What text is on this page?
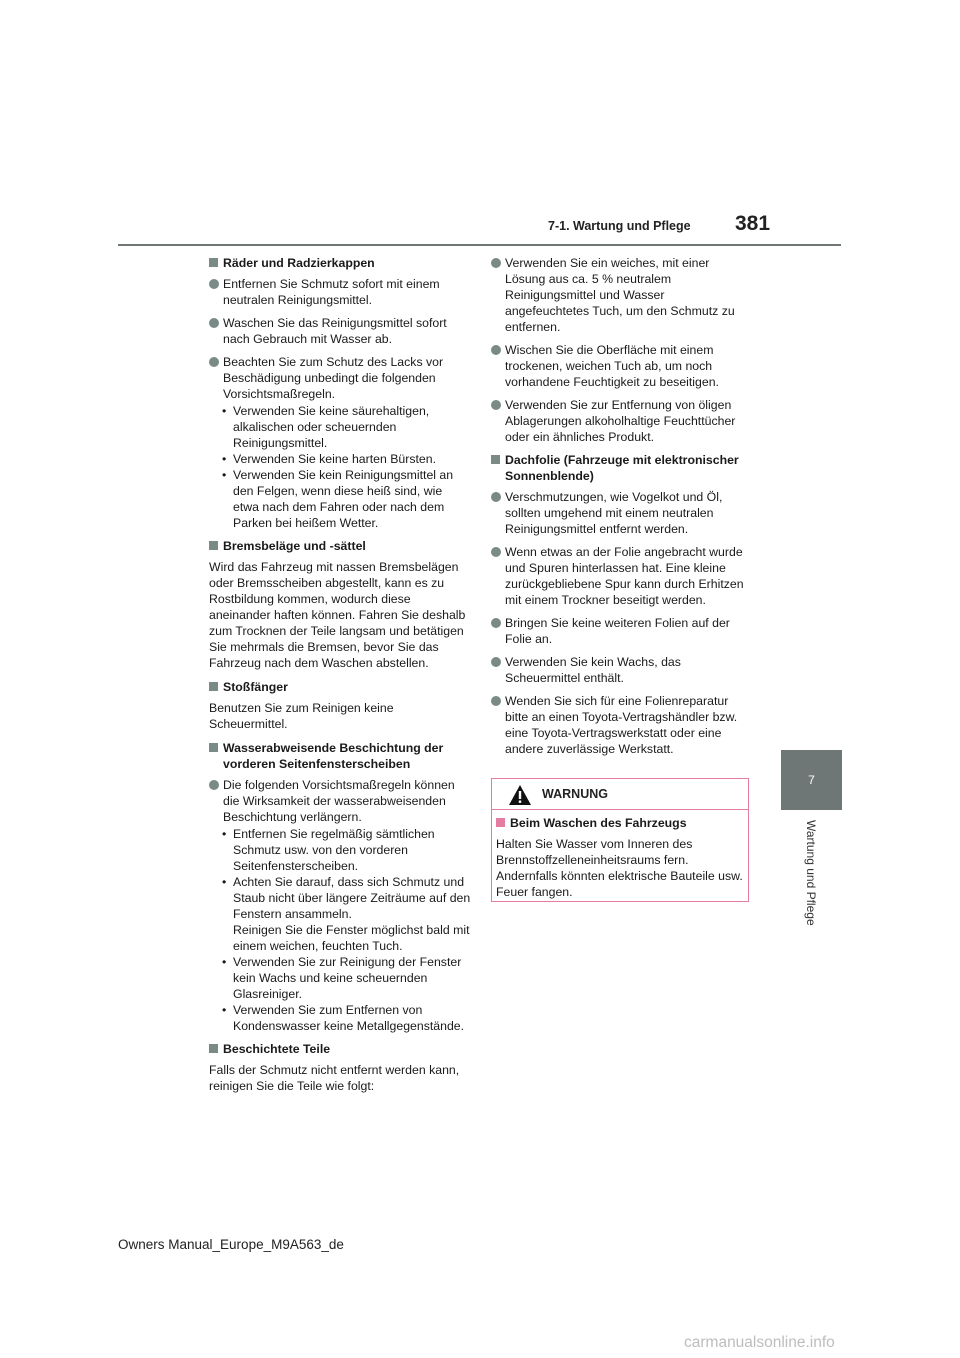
7-1. Wartung und Pflege 381
7
Wartung und Pflege
Räder und Radzierkappen
Entfernen Sie Schmutz sofort mit einem neutralen Reinigungsmittel.
Waschen Sie das Reinigungsmittel sofort nach Gebrauch mit Wasser ab.
Beachten Sie zum Schutz des Lacks vor Beschädigung unbedingt die folgenden Vorsichtsmaßregeln.
• Verwenden Sie keine säurehaltigen, alkalischen oder scheuernden Reinigungsmittel.
• Verwenden Sie keine harten Bürsten.
• Verwenden Sie kein Reinigungsmittel an den Felgen, wenn diese heiß sind, wie etwa nach dem Fahren oder nach dem Parken bei heißem Wetter.
Bremsbeläge und -sättel
Wird das Fahrzeug mit nassen Bremsbelägen oder Bremsscheiben abgestellt, kann es zu Rostbildung kommen, wodurch diese aneinander haften können. Fahren Sie deshalb zum Trocknen der Teile langsam und betätigen Sie mehrmals die Bremsen, bevor Sie das Fahrzeug nach dem Waschen abstellen.
Stoßfänger
Benutzen Sie zum Reinigen keine Scheuermittel.
Wasserabweisende Beschichtung der vorderen Seitenfensterscheiben
Die folgenden Vorsichtsmaßregeln können die Wirksamkeit der wasserabweisenden Beschichtung verlängern.
• Entfernen Sie regelmäßig sämtlichen Schmutz usw. von den vorderen Seitenfensterscheiben.
• Achten Sie darauf, dass sich Schmutz und Staub nicht über längere Zeiträume auf den Fenstern ansammeln.
Reinigen Sie die Fenster möglichst bald mit einem weichen, feuchten Tuch.
• Verwenden Sie zur Reinigung der Fenster kein Wachs und keine scheuernden Glasreiniger.
• Verwenden Sie zum Entfernen von Kondenswasser keine Metallgegenstände.
Beschichtete Teile
Falls der Schmutz nicht entfernt werden kann, reinigen Sie die Teile wie folgt:
Verwenden Sie ein weiches, mit einer Lösung aus ca. 5 % neutralem Reinigungsmittel und Wasser angefeuchtetes Tuch, um den Schmutz zu entfernen.
Wischen Sie die Oberfläche mit einem trockenen, weichen Tuch ab, um noch vorhandene Feuchtigkeit zu beseitigen.
Verwenden Sie zur Entfernung von öligen Ablagerungen alkoholhaltige Feuchttücher oder ein ähnliches Produkt.
Dachfolie (Fahrzeuge mit elektronischer Sonnenblende)
Verschmutzungen, wie Vogelkot und Öl, sollten umgehend mit einem neutralen Reinigungsmittel entfernt werden.
Wenn etwas an der Folie angebracht wurde und Spuren hinterlassen hat. Eine kleine zurückgebliebene Spur kann durch Erhitzen mit einem Trockner beseitigt werden.
Bringen Sie keine weiteren Folien auf der Folie an.
Verwenden Sie kein Wachs, das Scheuermittel enthält.
Wenden Sie sich für eine Folienreparatur bitte an einen Toyota-Vertragshändler bzw. eine Toyota-Vertragswerkstatt oder eine andere zuverlässige Werkstatt.
WARNUNG
Beim Waschen des Fahrzeugs
Halten Sie Wasser vom Inneren des Brennstoffzelleneinheitsraums fern. Andernfalls könnten elektrische Bauteile usw. Feuer fangen.
Owners Manual_Europe_M9A563_de
carmanualsonline.info
